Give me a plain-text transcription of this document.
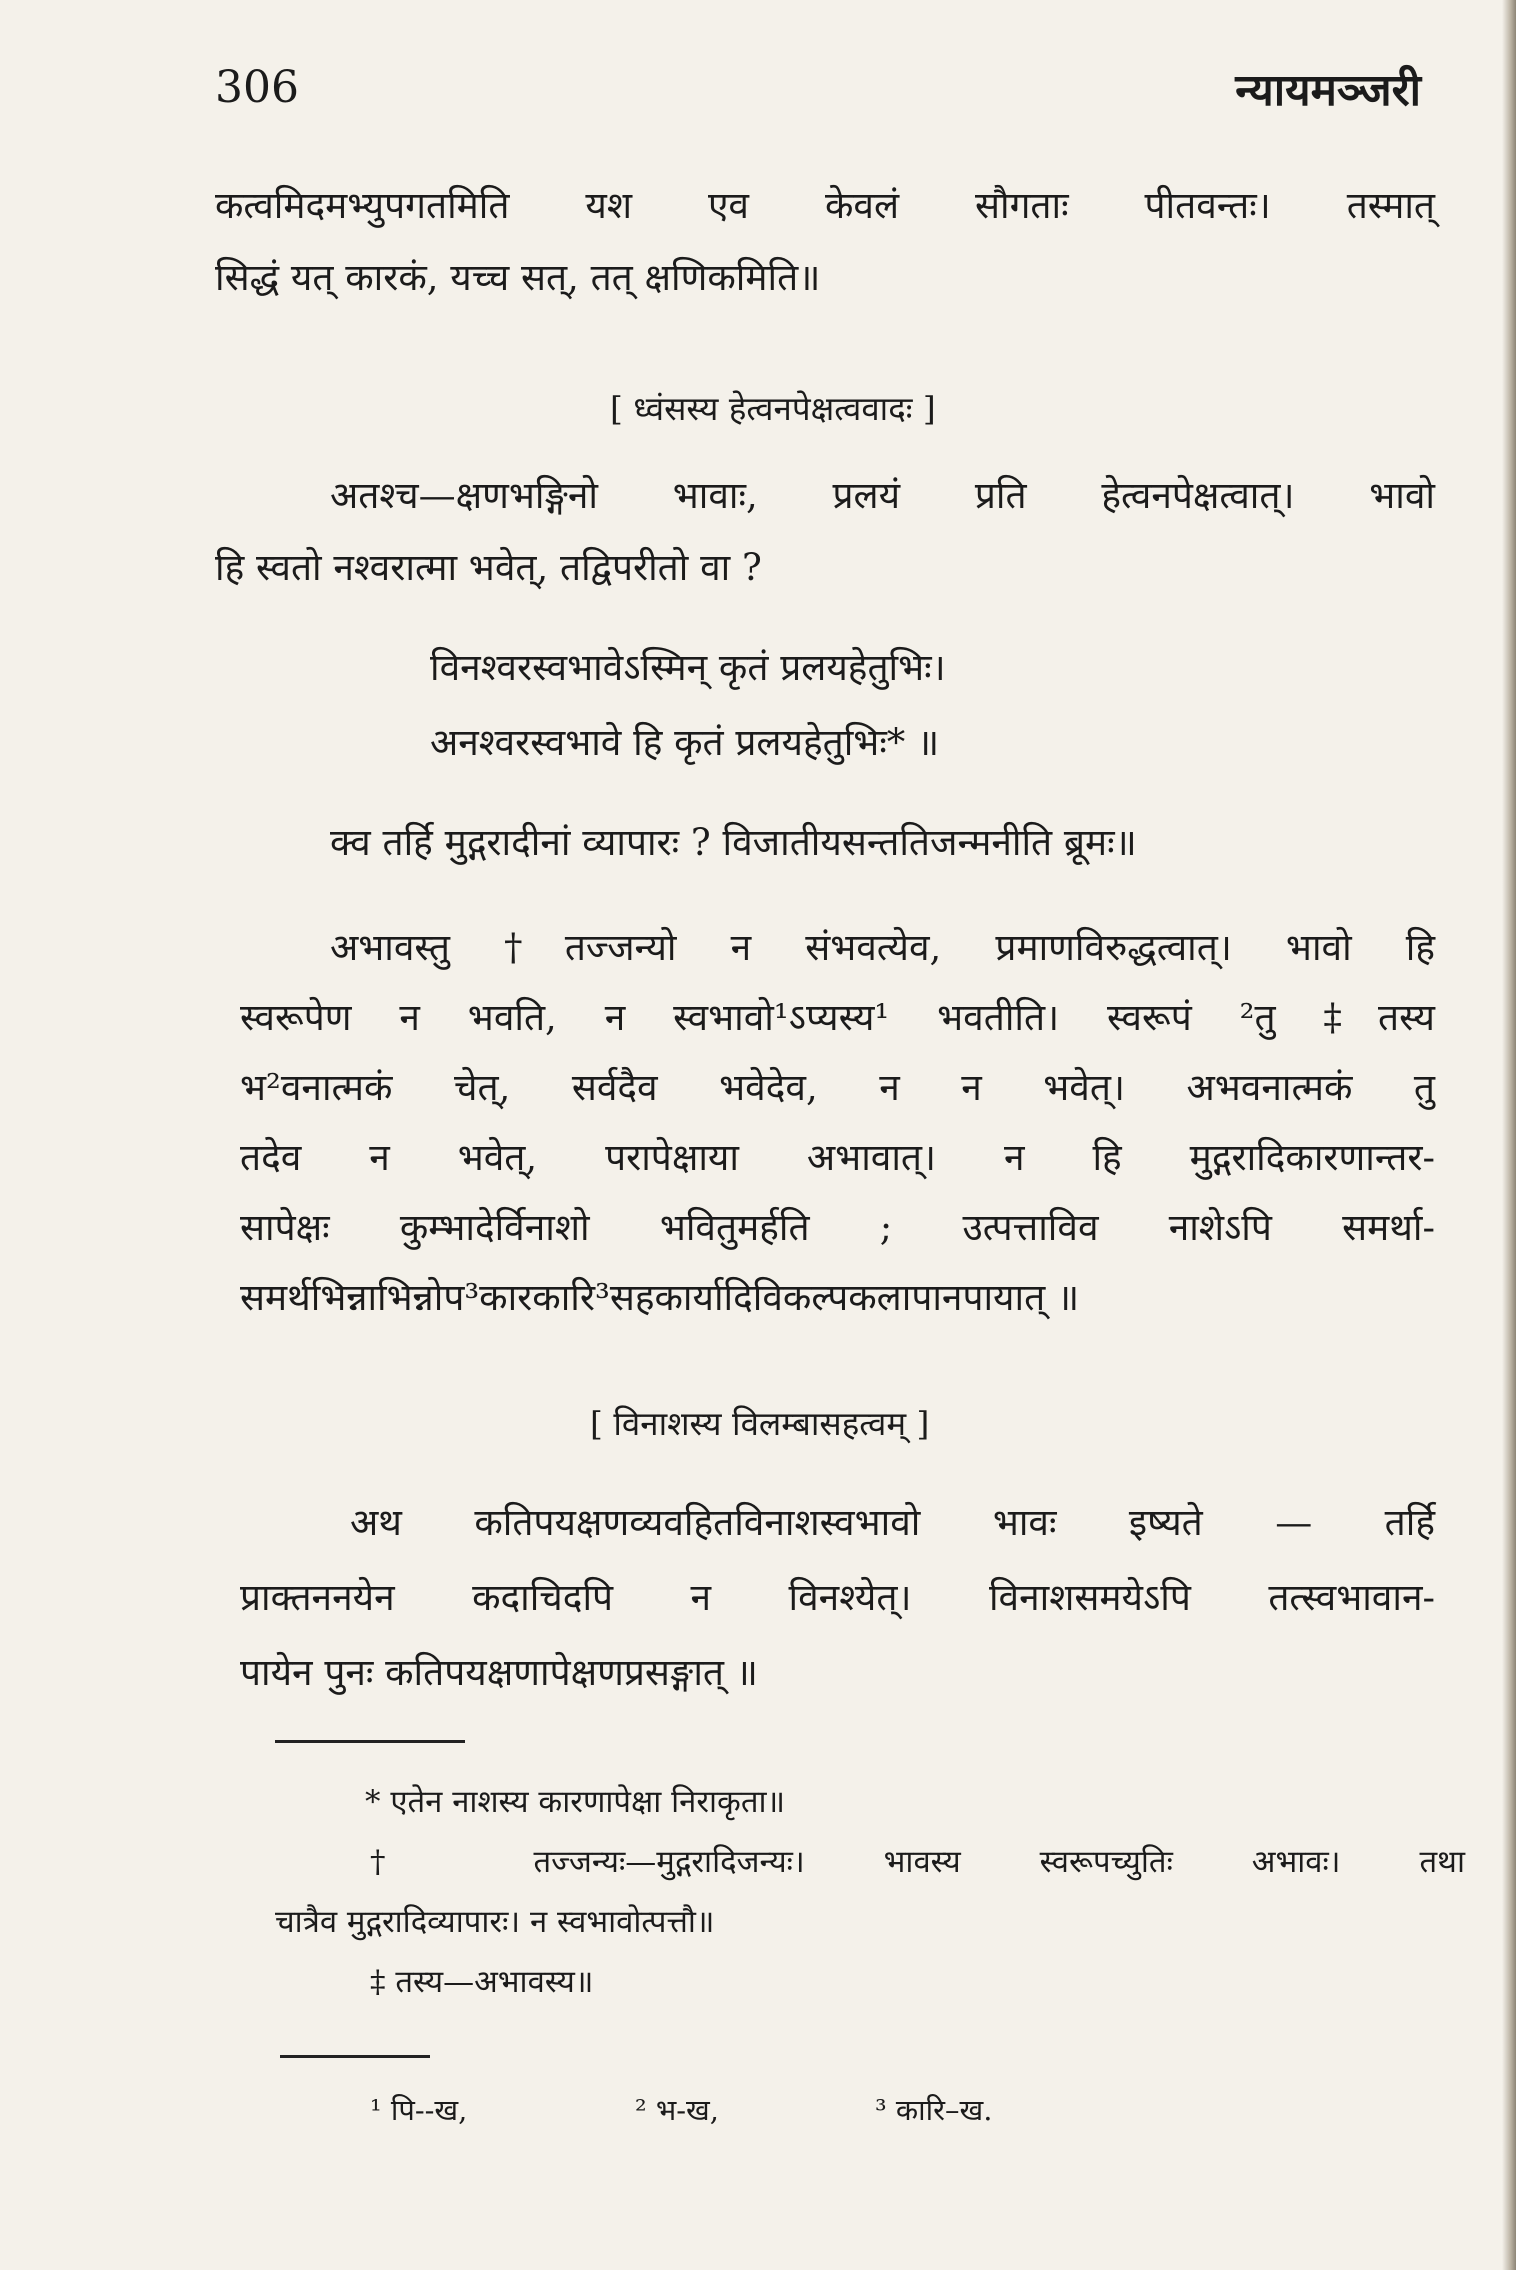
306	न्यायमञ्जरी
कत्वमिदमभ्युपगतमिति यश एव केवलं सौगताः पीतवन्तः। तस्मात्
सिद्धं यत् कारकं, यच्च सत्, तत् क्षणिकमिति॥
[ ध्वंसस्य हेत्वनपेक्षत्ववादः ]
अतश्च—क्षणभङ्गिनो भावाः, प्रलयं प्रति हेत्वनपेक्षत्वात्। भावो
हि स्वतो नश्वरात्मा भवेत्, तद्विपरीतो वा ?
विनश्वरस्वभावेऽस्मिन् कृतं प्रलयहेतुभिः।
अनश्वरस्वभावे हि कृतं प्रलयहेतुभिः* ॥
क्व तर्हि मुद्गरादीनां व्यापारः ? विजातीयसन्ततिजन्मनीति ब्रूमः॥
अभावस्तु †तज्जन्यो न संभवत्येव, प्रमाणविरुद्धत्वात्। भावो हि
स्वरूपेण न भवति, न स्वभावो¹ऽप्यस्य¹ भवतीति। स्वरूपं ²तु ‡तस्य
भ²वनात्मकं चेत्, सर्वदैव भवेदेव, न न भवेत्। अभवनात्मकं तु
तदेव न भवेत्, परापेक्षाया अभावात्। न हि मुद्गरादिकारणान्तर-
सापेक्षः कुम्भादेर्विनाशो भवितुमर्हति ; उत्पत्ताविव नाशेऽपि समर्था-
समर्थभिन्नाभिन्नोप³कारकारि³सहकार्यादिविकल्पकलापानपायात् ॥
[ विनाशस्य विलम्बासहत्वम् ]
अथ कतिपयक्षणव्यवहितविनाशस्वभावो भावः इष्यते — तर्हि
प्राक्तननयेन कदाचिदपि न विनश्येत्। विनाशसमयेऽपि तत्स्वभावान-
पायेन पुनः कतिपयक्षणापेक्षणप्रसङ्गात् ॥
* एतेन नाशस्य कारणापेक्षा निराकृता॥
† तज्जन्यः—मुद्गरादिजन्यः। भावस्य स्वरूपच्युतिः अभावः। तथा
चात्रैव मुद्गरादिव्यापारः। न स्वभावोत्पत्तौ॥
‡ तस्य—अभावस्य॥
¹ पि--ख,	² भ-ख,	³ कारि–ख.
